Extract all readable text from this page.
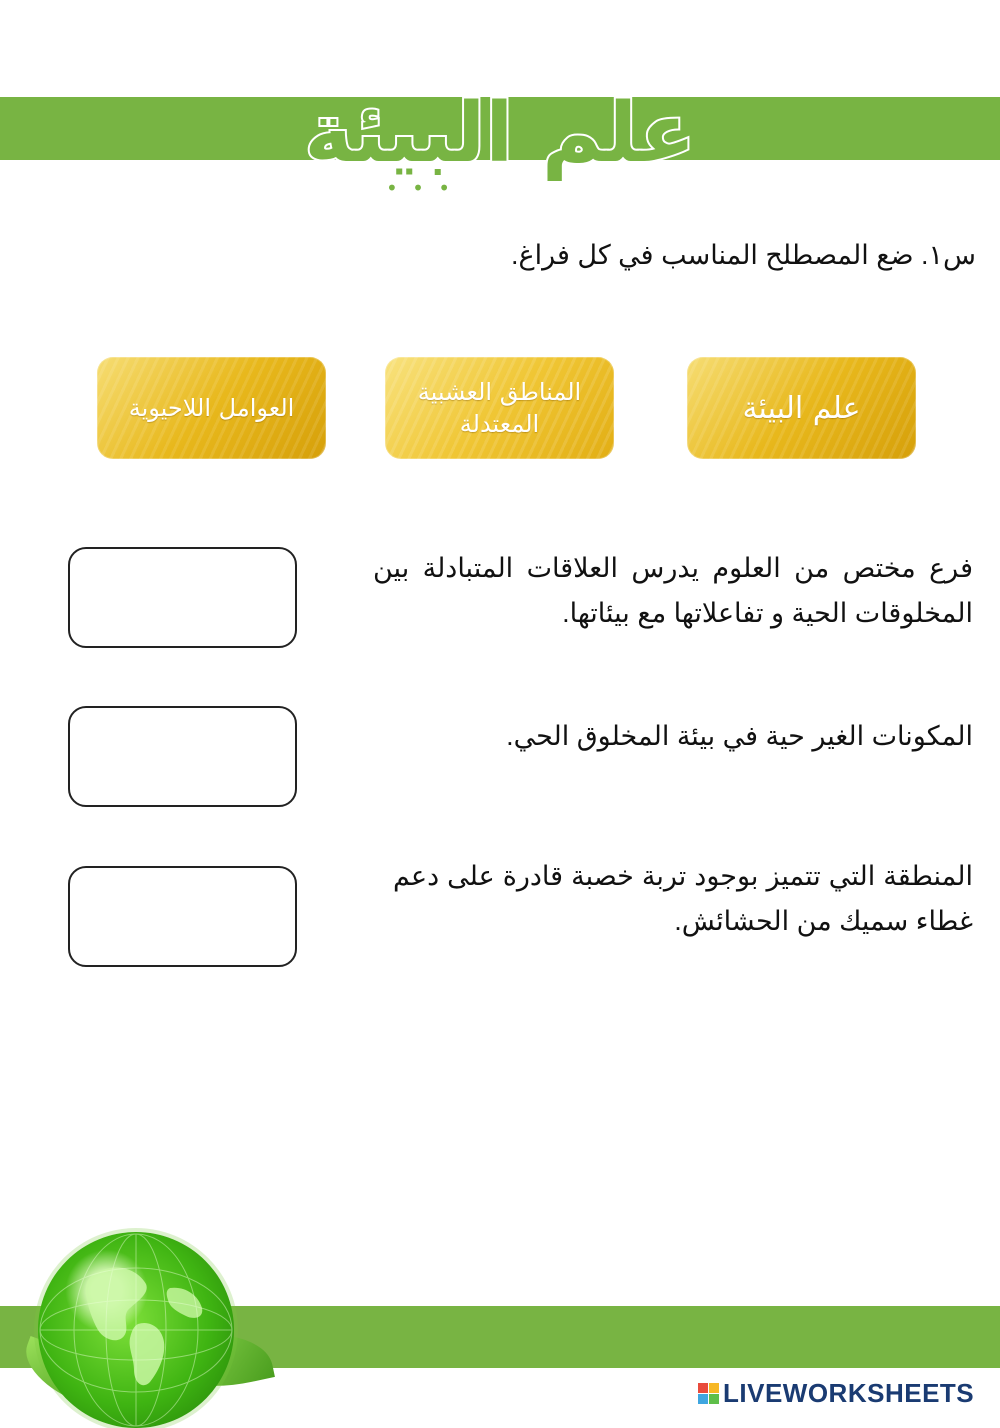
علم البيئة
• • •
س١. ضع المصطلح المناسب في كل فراغ.
علم البيئة
المناطق العشبية المعتدلة
العوامل اللاحيوية
فرع مختص من العلوم يدرس العلاقات المتبادلة بين المخلوقات الحية و تفاعلاتها مع بيئاتها.
المكونات الغير حية في بيئة المخلوق الحي.
المنطقة التي تتميز بوجود تربة خصبة قادرة على دعم غطاء سميك من الحشائش.
LIVEWORKSHEETS
